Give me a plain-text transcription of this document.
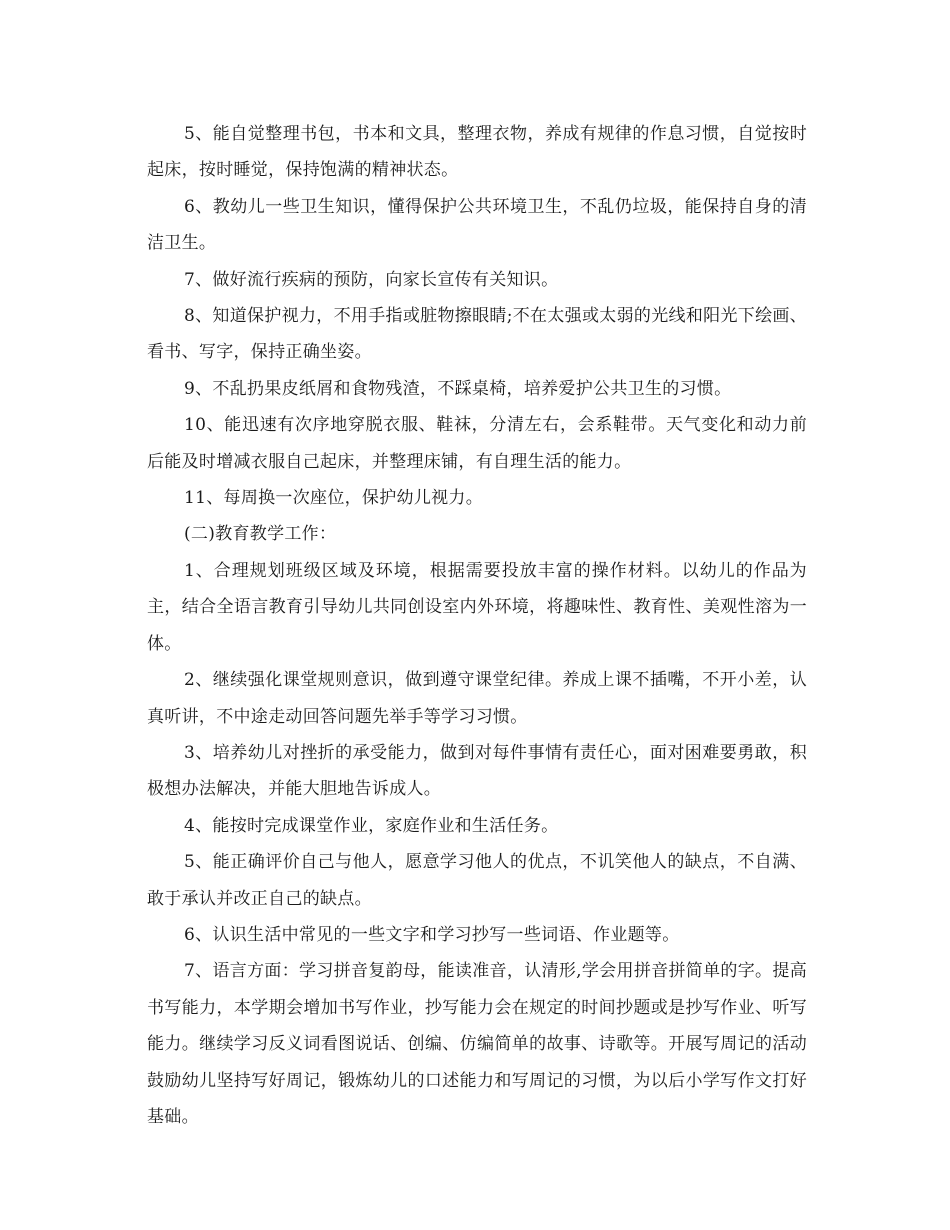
5、能自觉整理书包，书本和文具，整理衣物，养成有规律的作息习惯，自觉按时起床，按时睡觉，保持饱满的精神状态。

6、教幼儿一些卫生知识，懂得保护公共环境卫生，不乱仍垃圾，能保持自身的清洁卫生。

7、做好流行疾病的预防，向家长宣传有关知识。

8、知道保护视力，不用手指或脏物擦眼睛;不在太强或太弱的光线和阳光下绘画、看书、写字，保持正确坐姿。

9、不乱扔果皮纸屑和食物残渣，不踩桌椅，培养爱护公共卫生的习惯。

10、能迅速有次序地穿脱衣服、鞋袜，分清左右，会系鞋带。天气变化和动力前后能及时增减衣服自己起床，并整理床铺，有自理生活的能力。

11、每周换一次座位，保护幼儿视力。

(二)教育教学工作：

1、合理规划班级区域及环境，根据需要投放丰富的操作材料。以幼儿的作品为主，结合全语言教育引导幼儿共同创设室内外环境，将趣味性、教育性、美观性溶为一体。

2、继续强化课堂规则意识，做到遵守课堂纪律。养成上课不插嘴，不开小差，认真听讲，不中途走动回答问题先举手等学习习惯。

3、培养幼儿对挫折的承受能力，做到对每件事情有责任心，面对困难要勇敢，积极想办法解决，并能大胆地告诉成人。

4、能按时完成课堂作业，家庭作业和生活任务。

5、能正确评价自己与他人，愿意学习他人的优点，不讥笑他人的缺点，不自满、敢于承认并改正自己的缺点。

6、认识生活中常见的一些文字和学习抄写一些词语、作业题等。

7、语言方面：学习拼音复韵母，能读准音，认清形,学会用拼音拼简单的字。提高书写能力，本学期会增加书写作业，抄写能力会在规定的时间抄题或是抄写作业、听写能力。继续学习反义词看图说话、创编、仿编简单的故事、诗歌等。开展写周记的活动鼓励幼儿坚持写好周记，锻炼幼儿的口述能力和写周记的习惯，为以后小学写作文打好基础。
